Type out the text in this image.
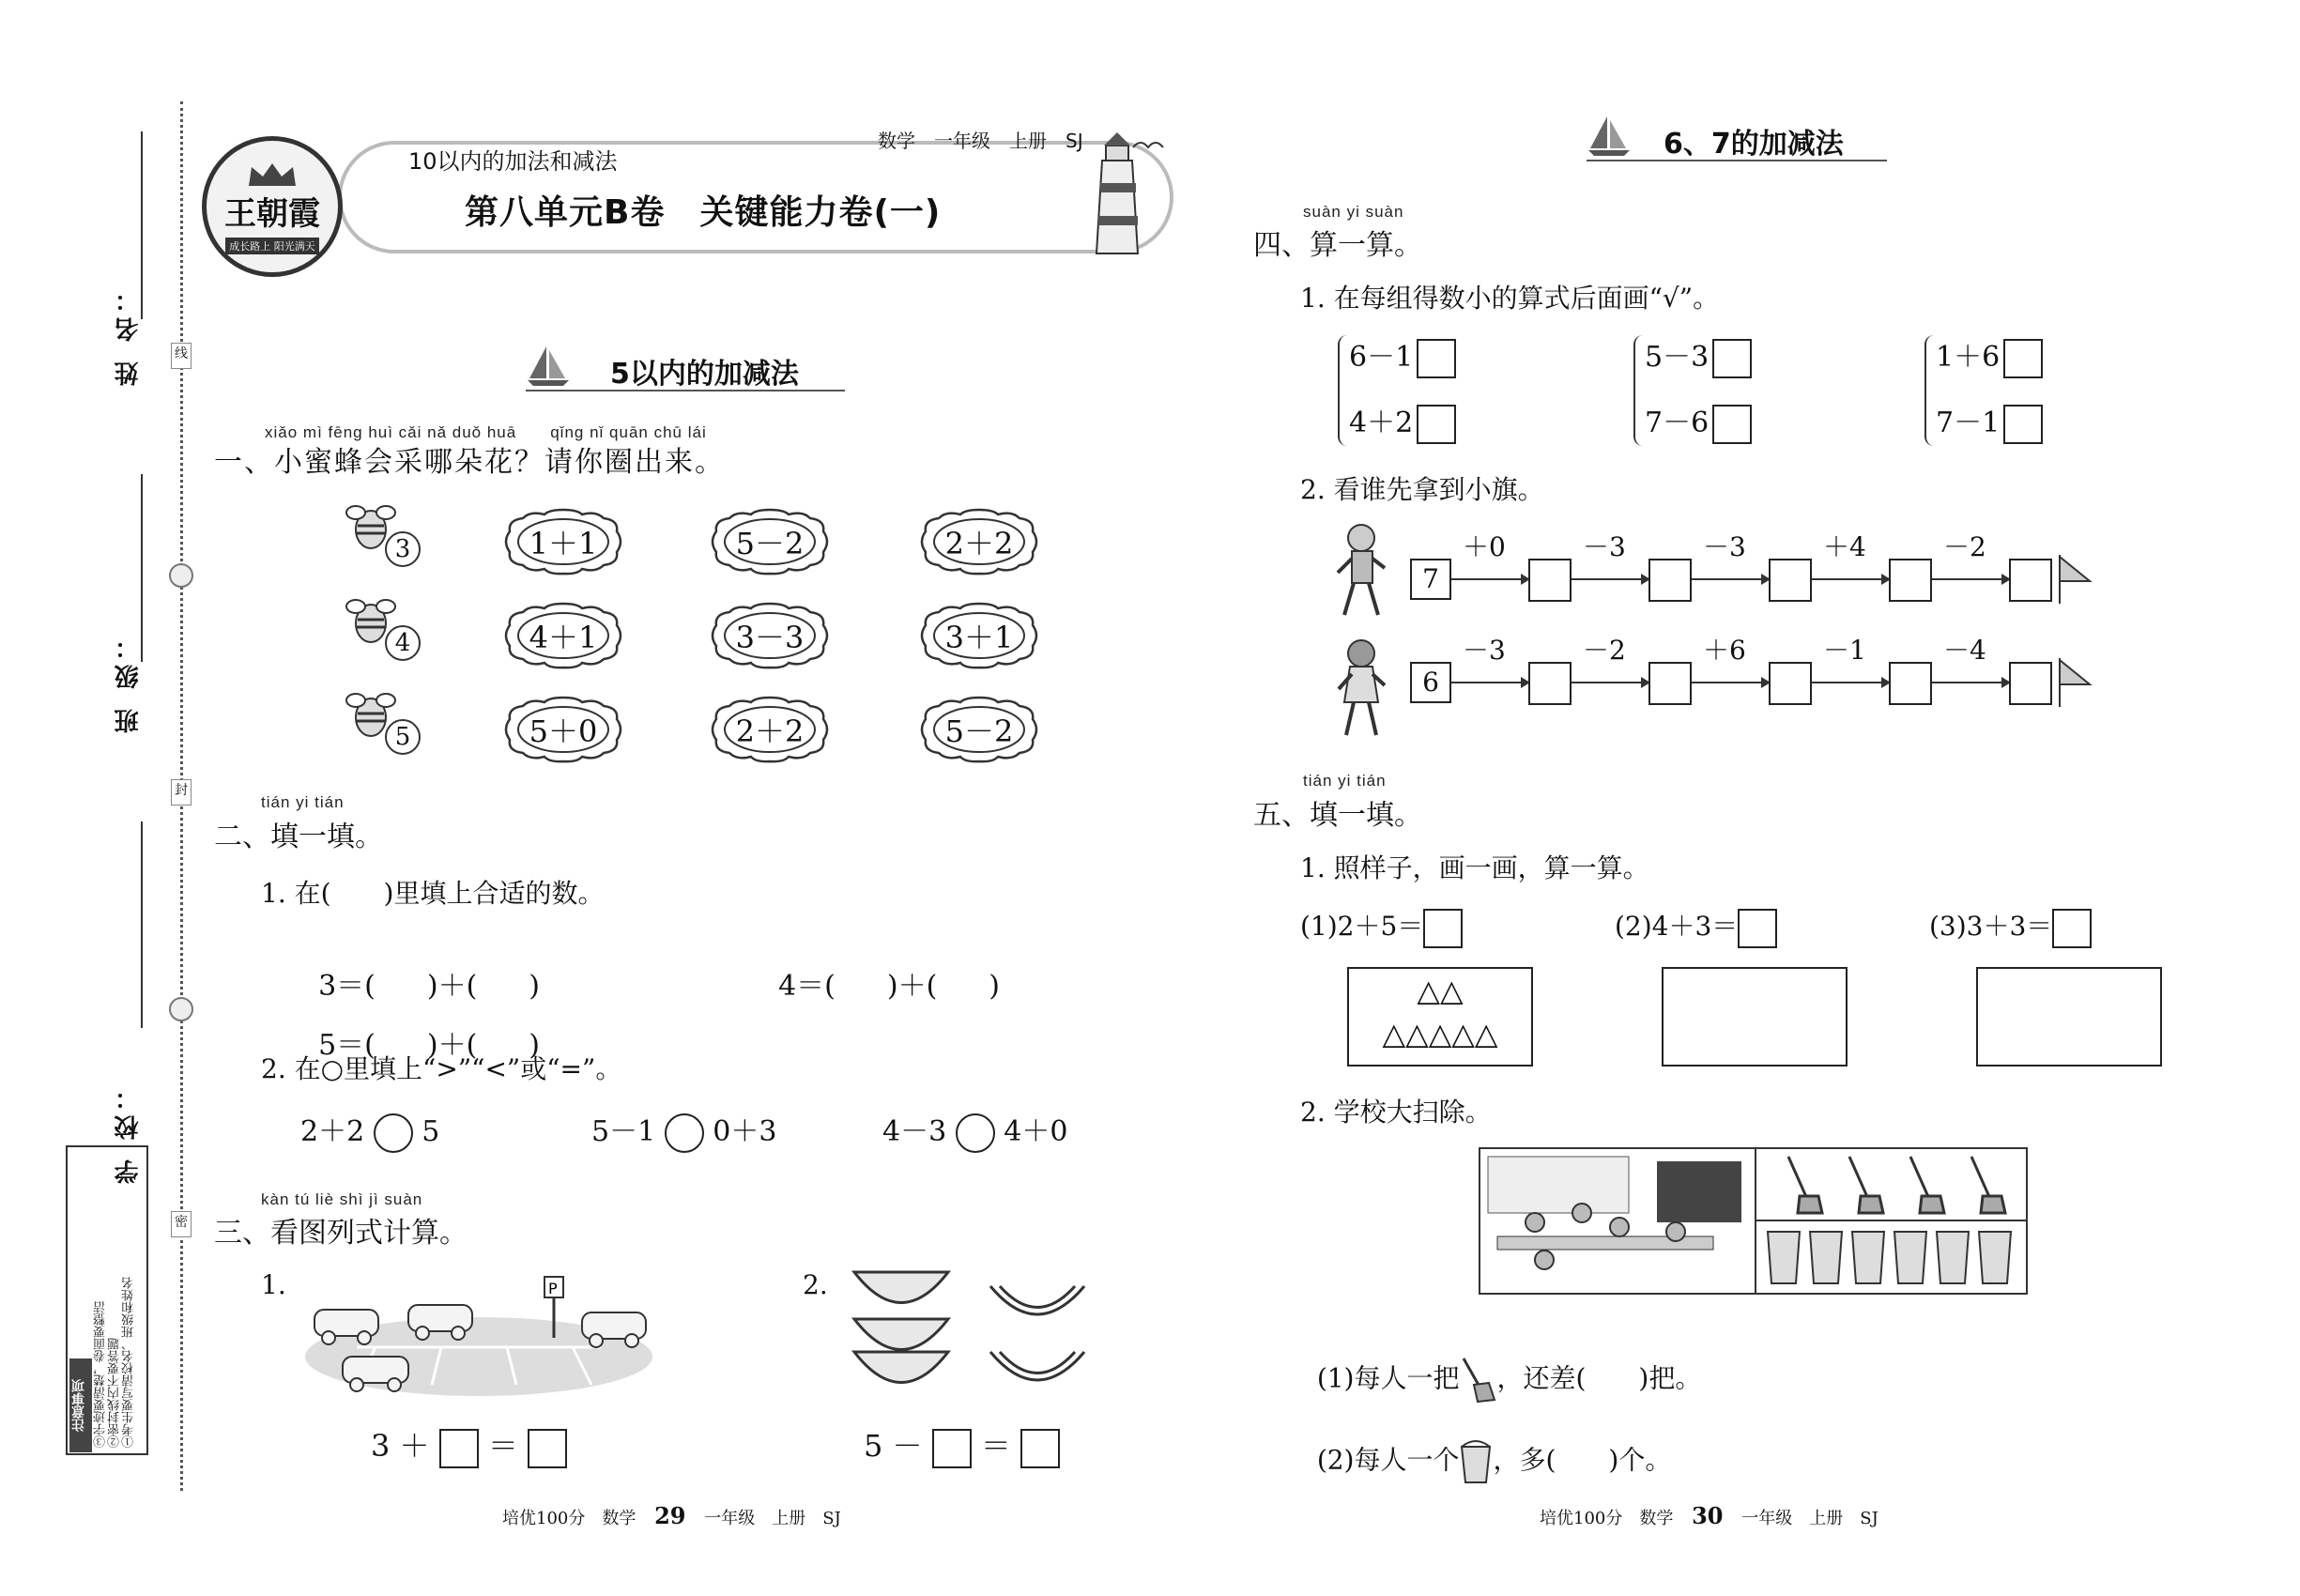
姓 名： 线
班 级：
封
学 校：
密
注意事项	①考生要写清校名、班级和姓名
②密封线内不要答题
③字迹要清楚，卷面要整洁
王朝霞
成长路上 阳光满天
10以内的加法和减法
数学　一年级　上册　SJ
第八单元B卷　关键能力卷(一)
5以内的加减法
xiǎo mì fēng huì cǎi nǎ duǒ huā　　qǐng nǐ quān chū lái
一、小蜜蜂会采哪朵花？请你圈出来。
3	1＋1	5－2	2＋2
4	4＋1	3－3	3＋1
5	5＋0	2＋2	5－2
tián yi tián
二、填一填。
1. 在(　　)里填上合适的数。

3＝( )＋( )	4＝( )＋( )

5＝( )＋( )

2. 在○里填上“>”“<”或“=”。
2＋2 5	5－1 0＋3	4－3 4＋0
kàn tú liè shì jì suàn
三、看图列式计算。
1.	2.
P
3 ＋ ＝	5 － ＝
培优100分　数学 29 一年级　上册　SJ
6、7的加减法
suàn yi suàn
四、算一算。
1. 在每组得数小的算式后面画“√”。
6－1
4＋2
5－3
7－6
1＋6
7－1
2. 看谁先拿到小旗。
7
＋0	－3	－3	＋4	－2
6
－3	－2	＋6	－1	－4
tián yi tián
五、填一填。
1. 照样子，画一画，算一算。
(1)2＋5＝	(2)4＋3＝	(3)3＋3＝
△△
△△△△△
2. 学校大扫除。

(1)每人一把 ，还差(　　)把。

(2)每人一个 ，多(　　)个。

培优100分　数学 30 一年级　上册　SJ
